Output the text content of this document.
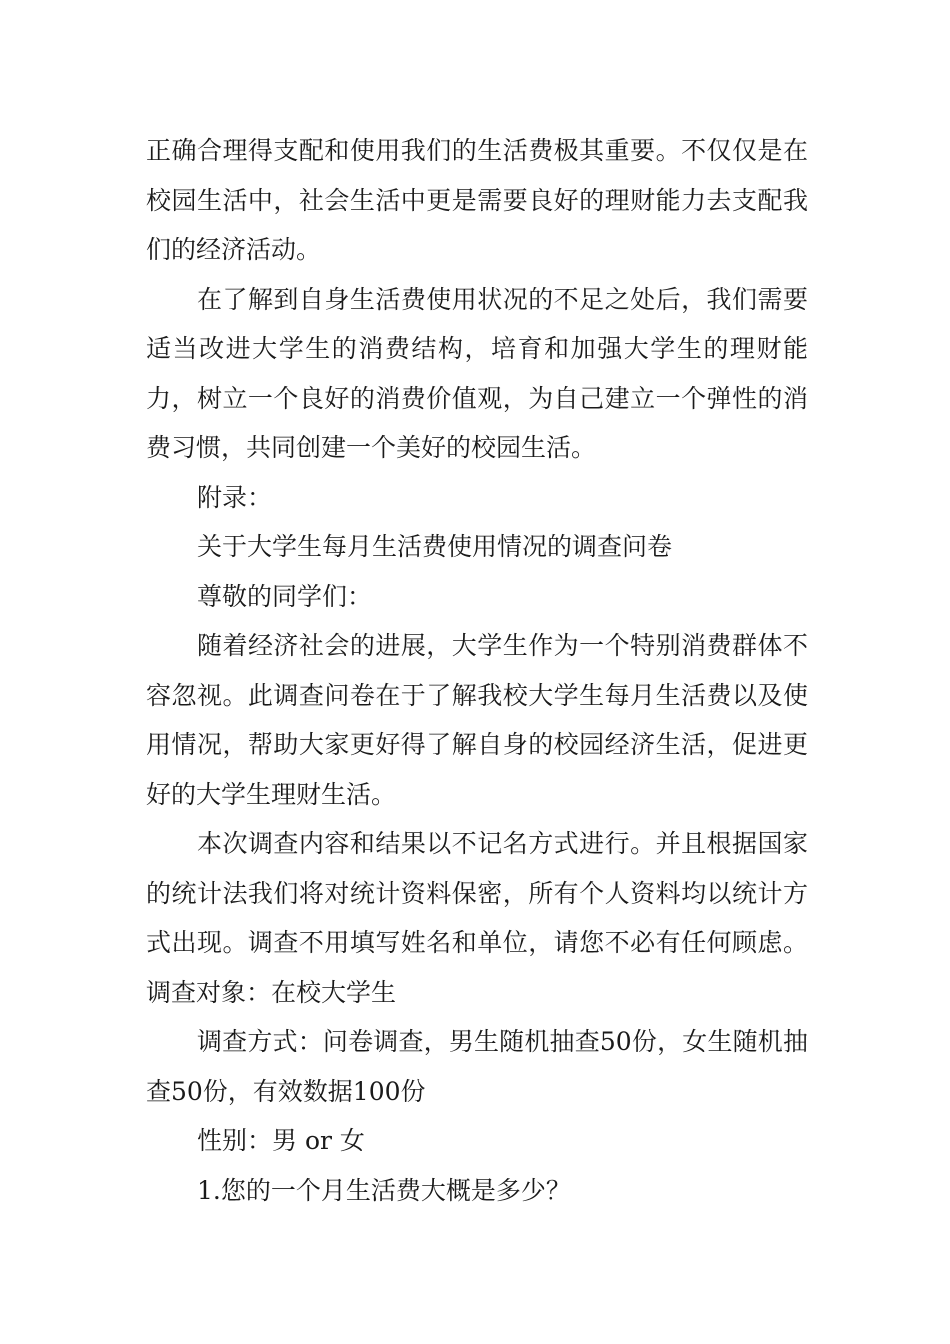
正确合理得支配和使用我们的生活费极其重要。不仅仅是在校园生活中，社会生活中更是需要良好的理财能力去支配我们的经济活动。

在了解到自身生活费使用状况的不足之处后，我们需要适当改进大学生的消费结构，培育和加强大学生的理财能力，树立一个良好的消费价值观，为自己建立一个弹性的消费习惯，共同创建一个美好的校园生活。

附录：

关于大学生每月生活费使用情况的调查问卷

尊敬的同学们：

随着经济社会的进展，大学生作为一个特别消费群体不容忽视。此调查问卷在于了解我校大学生每月生活费以及使用情况，帮助大家更好得了解自身的校园经济生活，促进更好的大学生理财生活。

本次调查内容和结果以不记名方式进行。并且根据国家的统计法我们将对统计资料保密，所有个人资料均以统计方式出现。调查不用填写姓名和单位，请您不必有任何顾虑。调查对象：在校大学生

调查方式：问卷调查，男生随机抽查50份，女生随机抽查50份，有效数据100份

性别：男 or 女

1.您的一个月生活费大概是多少？
